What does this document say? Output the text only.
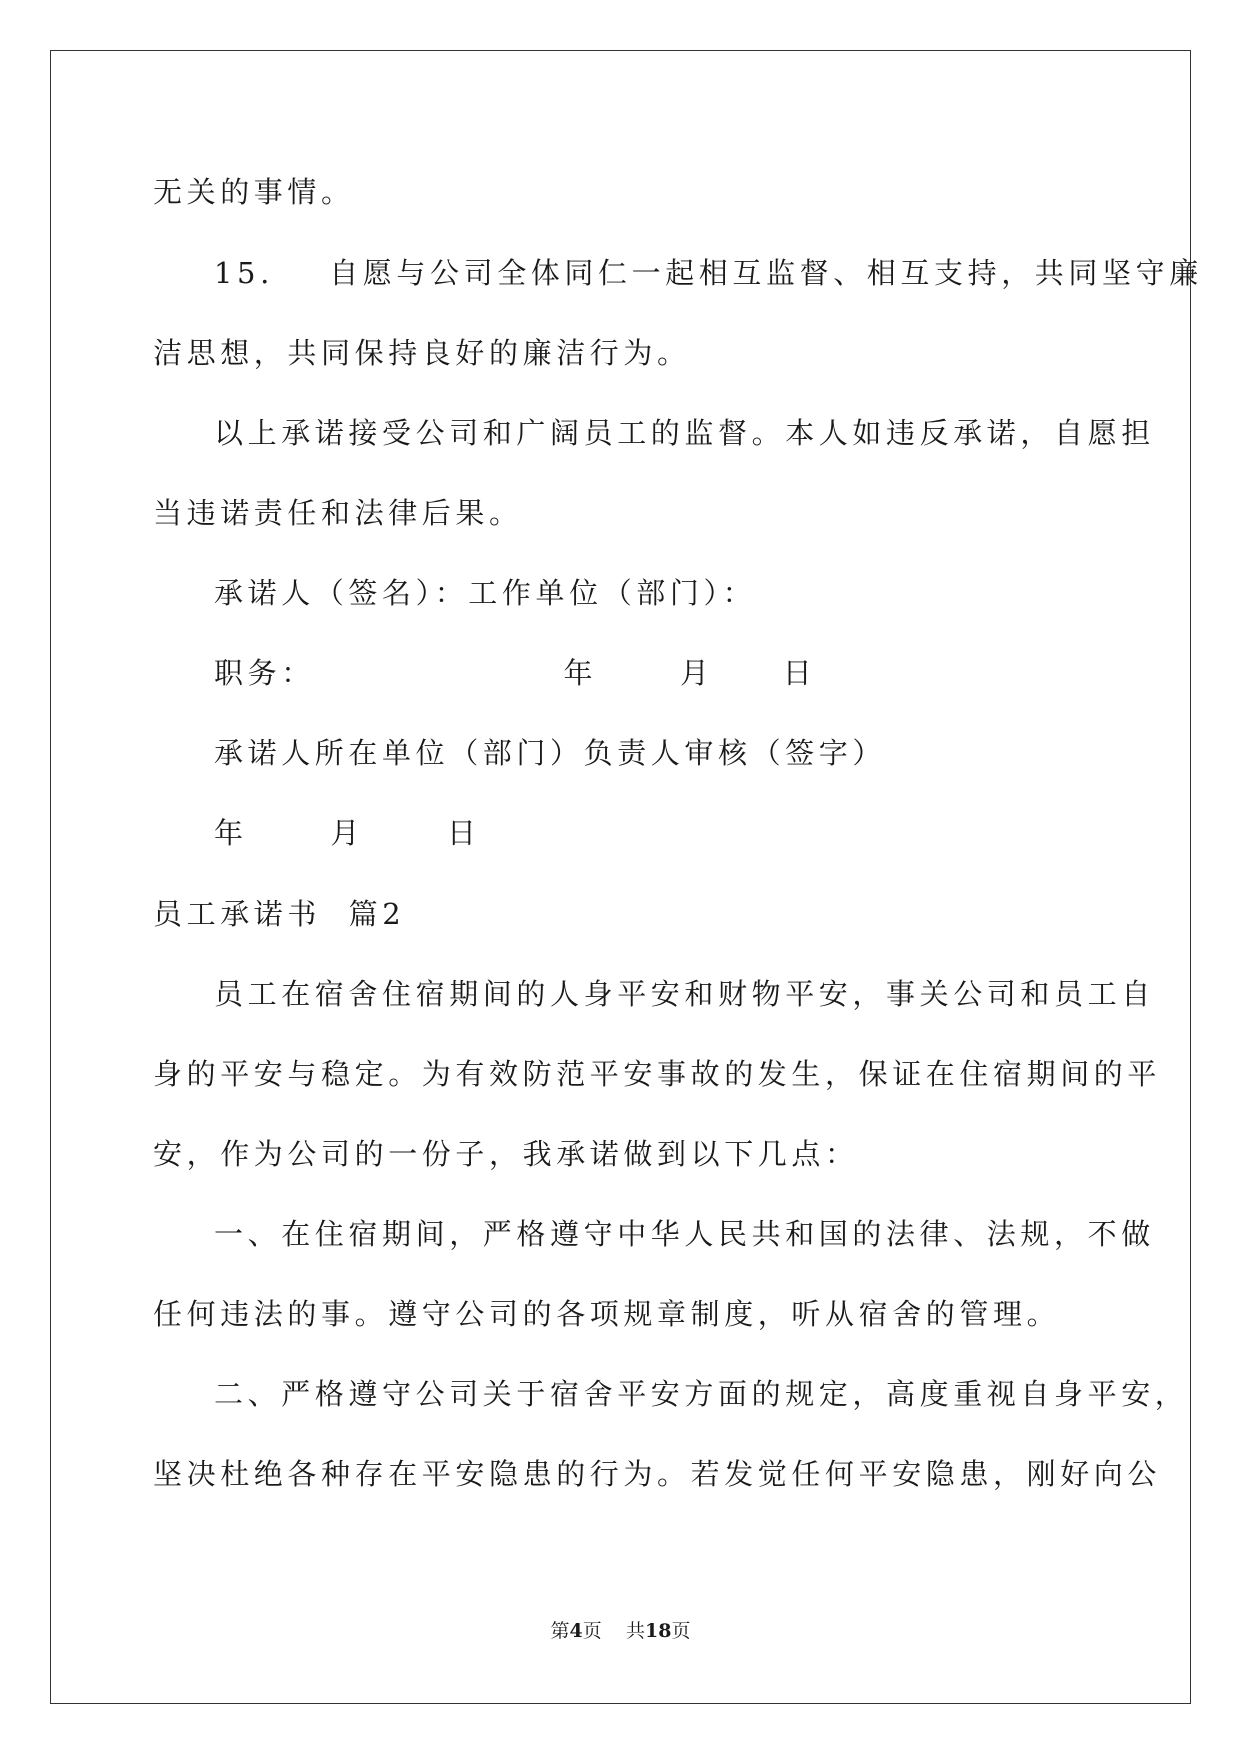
无关的事情。
15.    自愿与公司全体同仁一起相互监督、相互支持，共同坚守廉
洁思想，共同保持良好的廉洁行为。
以上承诺接受公司和广阔员工的监督。本人如违反承诺，自愿担
当违诺责任和法律后果。
承诺人（签名）：工作单位（部门）：
职务：                  年      月     日
承诺人所在单位（部门）负责人审核（签字）
年      月      日
员工承诺书  篇2
员工在宿舍住宿期间的人身平安和财物平安，事关公司和员工自
身的平安与稳定。为有效防范平安事故的发生，保证在住宿期间的平
安，作为公司的一份子，我承诺做到以下几点：
一、在住宿期间，严格遵守中华人民共和国的法律、法规，不做
任何违法的事。遵守公司的各项规章制度，听从宿舍的管理。
二、严格遵守公司关于宿舍平安方面的规定，高度重视自身平安，
坚决杜绝各种存在平安隐患的行为。若发觉任何平安隐患，刚好向公
第4页 共18页
